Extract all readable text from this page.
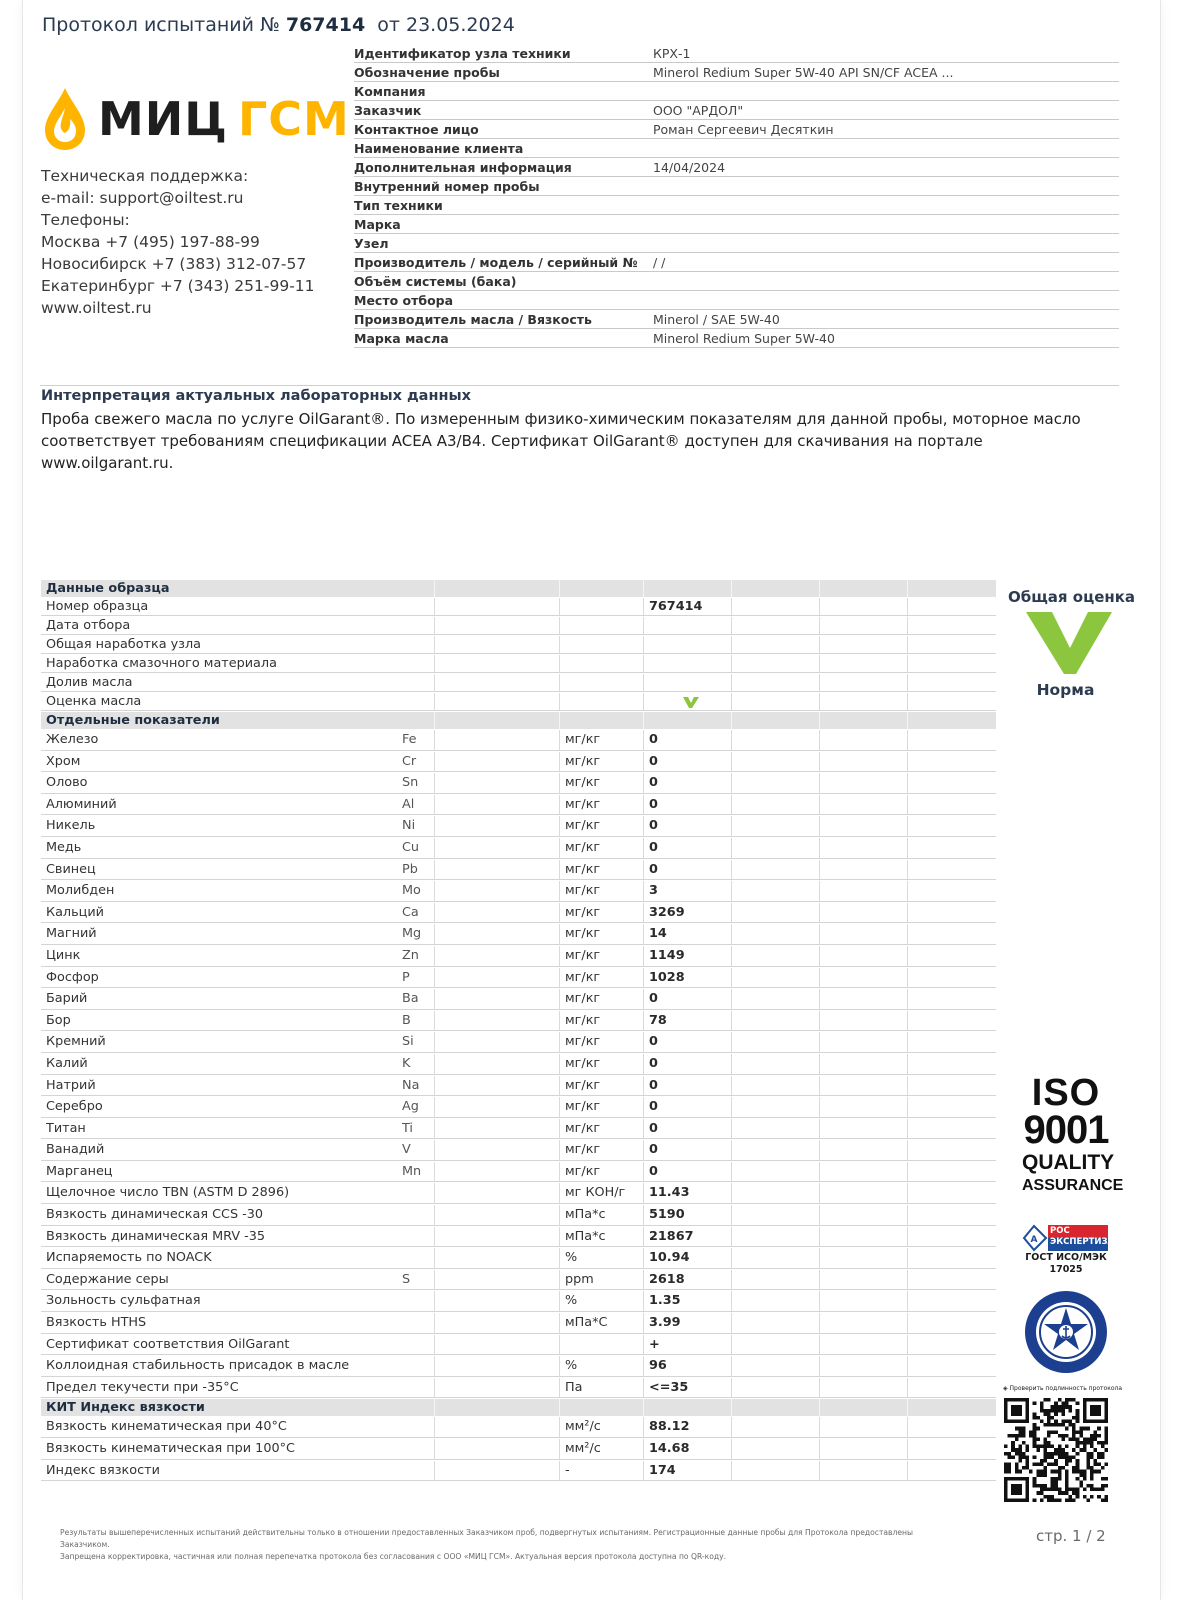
Протокол испытаний № 767414 от 23.05.2024
МИЦ ГСМ
Техническая поддержка:
e-mail: support@oiltest.ru
Телефоны:
Москва +7 (495) 197-88-99
Новосибирск +7 (383) 312-07-57
Екатеринбург +7 (343) 251-99-11
www.oiltest.ru
Идентификатор узла техники	КРХ-1
Обозначение пробы	Minerol Redium Super 5W-40 API SN/CF ACEA ...
Компания
Заказчик	ООО "АРДОЛ"
Контактное лицо	Роман Сергеевич Десяткин
Наименование клиента
Дополнительная информация	14/04/2024
Внутренний номер пробы
Тип техники
Марка
Узел
Производитель / модель / серийный № / /
Объём системы (бака)
Место отбора
Производитель масла / Вязкость	Minerol / SAE 5W-40
Марка масла	Minerol Redium Super 5W-40
Интерпретация актуальных лабораторных данных
Проба свежего масла по услуге OilGarant®. По измеренным физико-химическим показателям для данной пробы, моторное масло соответствует требованиям спецификации ACEA A3/B4. Сертификат OilGarant® доступен для скачивания на портале www.oilgarant.ru.
Данные образца
Номер образца	767414
Дата отбора
Общая наработка узла
Наработка смазочного материала
Долив масла
Оценка масла
Отдельные показатели
Железо	Fe	мг/кг	0
Хром	Cr	мг/кг	0
Олово	Sn	мг/кг	0
Алюминий	Al	мг/кг	0
Никель	Ni	мг/кг	0
Медь	Cu	мг/кг	0
Свинец	Pb	мг/кг	0
Молибден	Mo	мг/кг	3
Кальций	Ca	мг/кг	3269
Магний	Mg	мг/кг	14
Цинк	Zn	мг/кг	1149
Фосфор	P	мг/кг	1028
Барий	Ba	мг/кг	0
Бор	B	мг/кг	78
Кремний	Si	мг/кг	0
Калий	K	мг/кг	0
Натрий	Na	мг/кг	0
Серебро	Ag	мг/кг	0
Титан	Ti	мг/кг	0
Ванадий	V	мг/кг	0
Марганец	Mn	мг/кг	0
Щелочное число TBN (ASTM D 2896)	мг КОН/г	11.43
Вязкость динамическая CCS -30	мПа*с	5190
Вязкость динамическая MRV -35	мПа*с	21867
Испаряемость по NOACK	%	10.94
Содержание серы	S	ppm	2618
Зольность сульфатная	%	1.35
Вязкость HTHS	мПа*С	3.99
Сертификат соответствия OilGarant	+
Коллоидная стабильность присадок в масле	%	96
Предел текучести при -35°С	Па	<=35
КИТ Индекс вязкости
Вязкость кинематическая при 40°С	мм²/с	88.12
Вязкость кинематическая при 100°С	мм²/с	14.68
Индекс вязкости	-	174
Общая оценка
Норма
ISO
9001
QUALITY
ASSURANCE
A
РОС
ЭКСПЕРТИЗА
ГОСТ ИСО/МЭК
17025
◈ Проверить подлинность протокола
Результаты вышеперечисленных испытаний действительны только в отношении предоставленных Заказчиком проб, подвергнутых испытаниям. Регистрационные данные пробы для Протокола предоставлены Заказчиком.
Запрещена корректировка, частичная или полная перепечатка протокола без согласования с ООО «МИЦ ГСМ». Актуальная версия протокола доступна по QR-коду.
стр. 1 / 2
